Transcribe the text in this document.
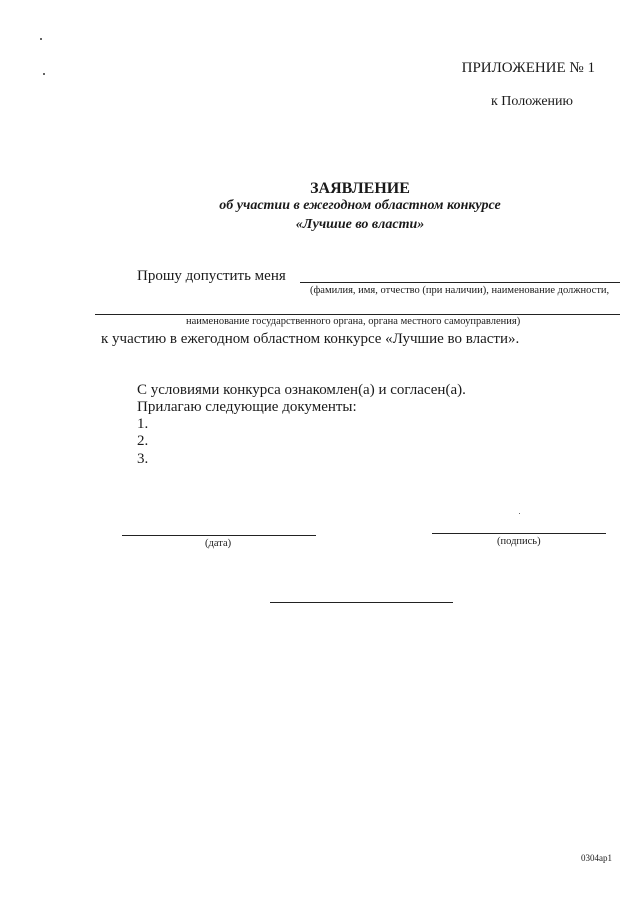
ПРИЛОЖЕНИЕ № 1
к Положению
ЗАЯВЛЕНИЕ
об участии в ежегодном областном конкурсе
«Лучшие во власти»
Прошу допустить меня
(фамилия, имя, отчество (при наличии), наименование должности,
наименование государственного органа, органа местного самоуправления)
к участию в ежегодном областном конкурсе «Лучшие во власти».
С условиями конкурса ознакомлен(а) и согласен(а).
Прилагаю следующие документы:
1.
2.
3.
(дата)	(подпись)
0304ар1
